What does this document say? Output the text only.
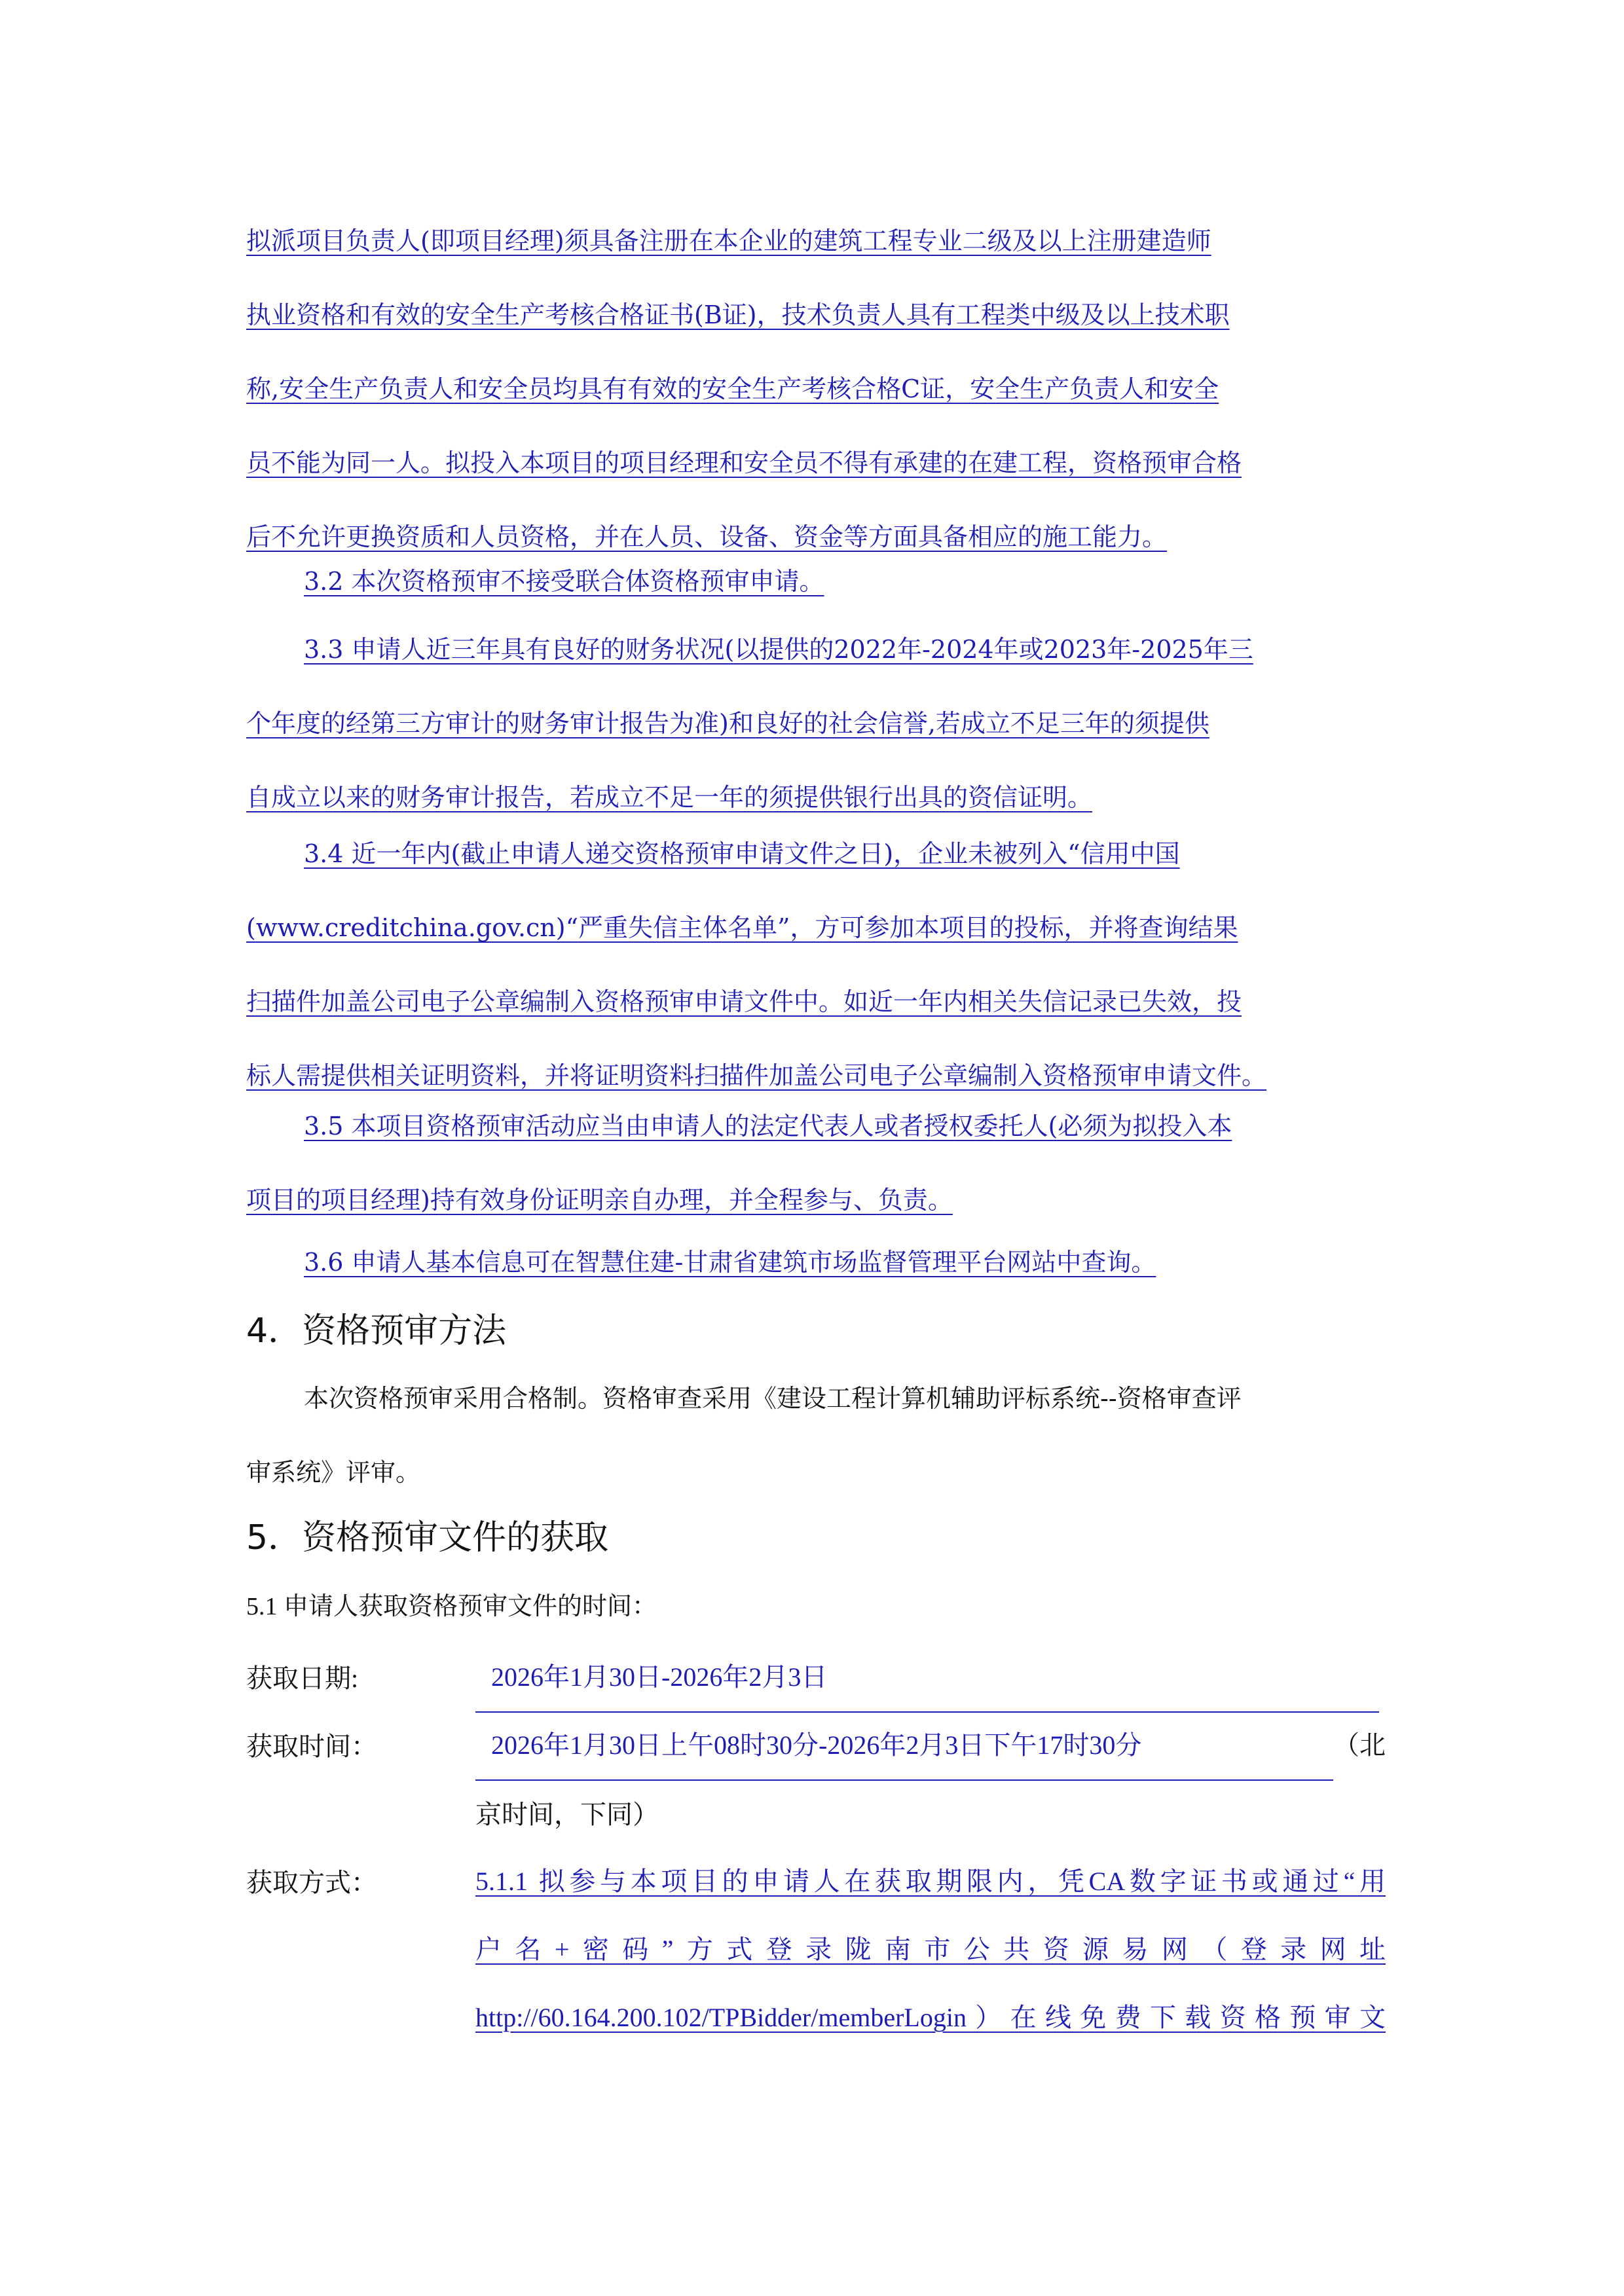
拟派项目负责人(即项目经理)须具备注册在本企业的建筑工程专业二级及以上注册建造师
执业资格和有效的安全生产考核合格证书(B证)，技术负责人具有工程类中级及以上技术职
称,安全生产负责人和安全员均具有有效的安全生产考核合格C证，安全生产负责人和安全
员不能为同一人。拟投入本项目的项目经理和安全员不得有承建的在建工程，资格预审合格
后不允许更换资质和人员资格，并在人员、设备、资金等方面具备相应的施工能力。

3.2 本次资格预审不接受联合体资格预审申请。

3.3 申请人近三年具有良好的财务状况(以提供的2022年-2024年或2023年-2025年三
个年度的经第三方审计的财务审计报告为准)和良好的社会信誉,若成立不足三年的须提供
自成立以来的财务审计报告，若成立不足一年的须提供银行出具的资信证明。

3.4 近一年内(截止申请人递交资格预审申请文件之日)，企业未被列入“信用中国
(www.creditchina.gov.cn)“严重失信主体名单”，方可参加本项目的投标，并将查询结果
扫描件加盖公司电子公章编制入资格预审申请文件中。如近一年内相关失信记录已失效，投
标人需提供相关证明资料，并将证明资料扫描件加盖公司电子公章编制入资格预审申请文件。

3.5 本项目资格预审活动应当由申请人的法定代表人或者授权委托人(必须为拟投入本
项目的项目经理)持有效身份证明亲自办理，并全程参与、负责。

3.6 申请人基本信息可在智慧住建-甘肃省建筑市场监督管理平台网站中查询。

4．资格预审方法

本次资格预审采用合格制。资格审查采用《建设工程计算机辅助评标系统--资格审查评
审系统》评审。

5．资格预审文件的获取
5.1 申请人获取资格预审文件的时间：
获取日期:	2026年1月30日-2026年2月3日
获取时间：	2026年1月30日上午08时30分-2026年2月3日下午17时30分	（北
京时间，下同）
获取方式：	5.1.1 拟参与本项目的申请人在获取期限内，凭CA数字证书或通过“用
户名+密码”方式登录陇南市公共资源易网（登录网址
http://60.164.200.102/TPBidder/memberLogin）在线免费下载资格预审文
